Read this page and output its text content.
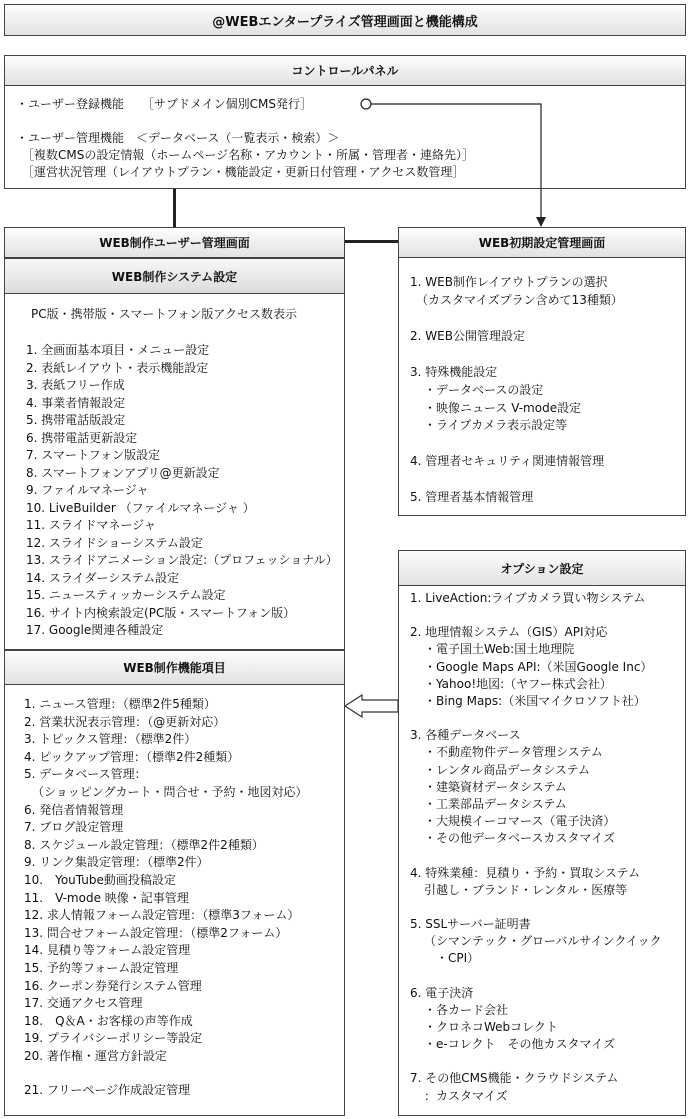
@WEBエンタープライズ管理画面と機能構成
コントロールパネル
・ユーザー登録機能　　［サブドメイン個別CMS発行］
・ユーザー管理機能　＜データベース（一覧表示・検索）＞
　［複数CMSの設定情報（ホームページ名称・アカウント・所属・管理者・連絡先）］
　［運営状況管理（レイアウトプラン・機能設定・更新日付管理・アクセス数管理］
WEB制作ユーザー管理画面
WEB制作システム設定
PC版・携帯版・スマートフォン版アクセス数表示
1. 全画面基本項目・メニュー設定
2. 表紙レイアウト・表示機能設定
3. 表紙フリー作成
4. 事業者情報設定
5. 携帯電話版設定
6. 携帯電話更新設定
7. スマートフォン版設定
8. スマートフォンアプリ@更新設定
9. ファイルマネージャ
10. LiveBuilder （ファイルマネージャ ）
11. スライドマネージャ
12. スライドショーシステム設定
13. スライドアニメーション設定:（プロフェッショナル）
14. スライダーシステム設定
15. ニュースティッカーシステム設定
16. サイト内検索設定(PC版・スマートフォン版）
17. Google関連各種設定
WEB制作機能項目
1. ニュース管理：（標準2件5種類）
2. 営業状況表示管理：（@更新対応）
3. トピックス管理：（標準2件）
4. ピックアップ管理：（標準2件2種類）
5. データベース管理：
（ショッピングカート・問合せ・予約・地図対応）
6. 発信者情報管理
7. ブログ設定管理
8. スケジュール設定管理：（標準2件2種類）
9. リンク集設定管理：（標準2件）
10.　YouTube動画投稿設定
11.　V-mode 映像・記事管理
12. 求人情報フォーム設定管理：（標準3フォーム）
13. 問合せフォーム設定管理：（標準2フォーム）
14. 見積り等フォーム設定管理
15. 予約等フォーム設定管理
16. クーポン券発行システム管理
17. 交通アクセス管理
18.　Q＆A・お客様の声等作成
19. プライバシーポリシー等設定
20. 著作権・運営方針設定
21. フリーページ作成設定管理
WEB初期設定管理画面
1. WEB制作レイアウトプランの選択
（カスタマイズプラン含めて13種類）
2. WEB公開管理設定
3. 特殊機能設定
・データベースの設定
・映像ニュース V-mode設定
・ライブカメラ表示設定等
4. 管理者セキュリティ関連情報管理
5. 管理者基本情報管理
オプション設定
1. LiveAction:ライブカメラ買い物システム
2. 地理情報システム（GIS）API対応
・電子国土Web:国土地理院
・Google Maps API:（米国Google Inc）
・Yahoo!地図:（ヤフー株式会社）
・Bing Maps:（米国マイクロソフト社）
3. 各種データベース
・不動産物件データ管理システム
・レンタル商品データシステム
・建築資材データシステム
・工業部品データシステム
・大規模イーコマース（電子決済）
・その他データベースカスタマイズ
4. 特殊業種：見積り・予約・買取システム
引越し・ブランド・レンタル・医療等
5. SSLサーバー証明書
（シマンテック・グローバルサインクイック
・CPI）
6. 電子決済
・各カード会社
・クロネコWebコレクト
・e-コレクト　その他カスタマイズ
7. その他CMS機能・クラウドシステム
：カスタマイズ
